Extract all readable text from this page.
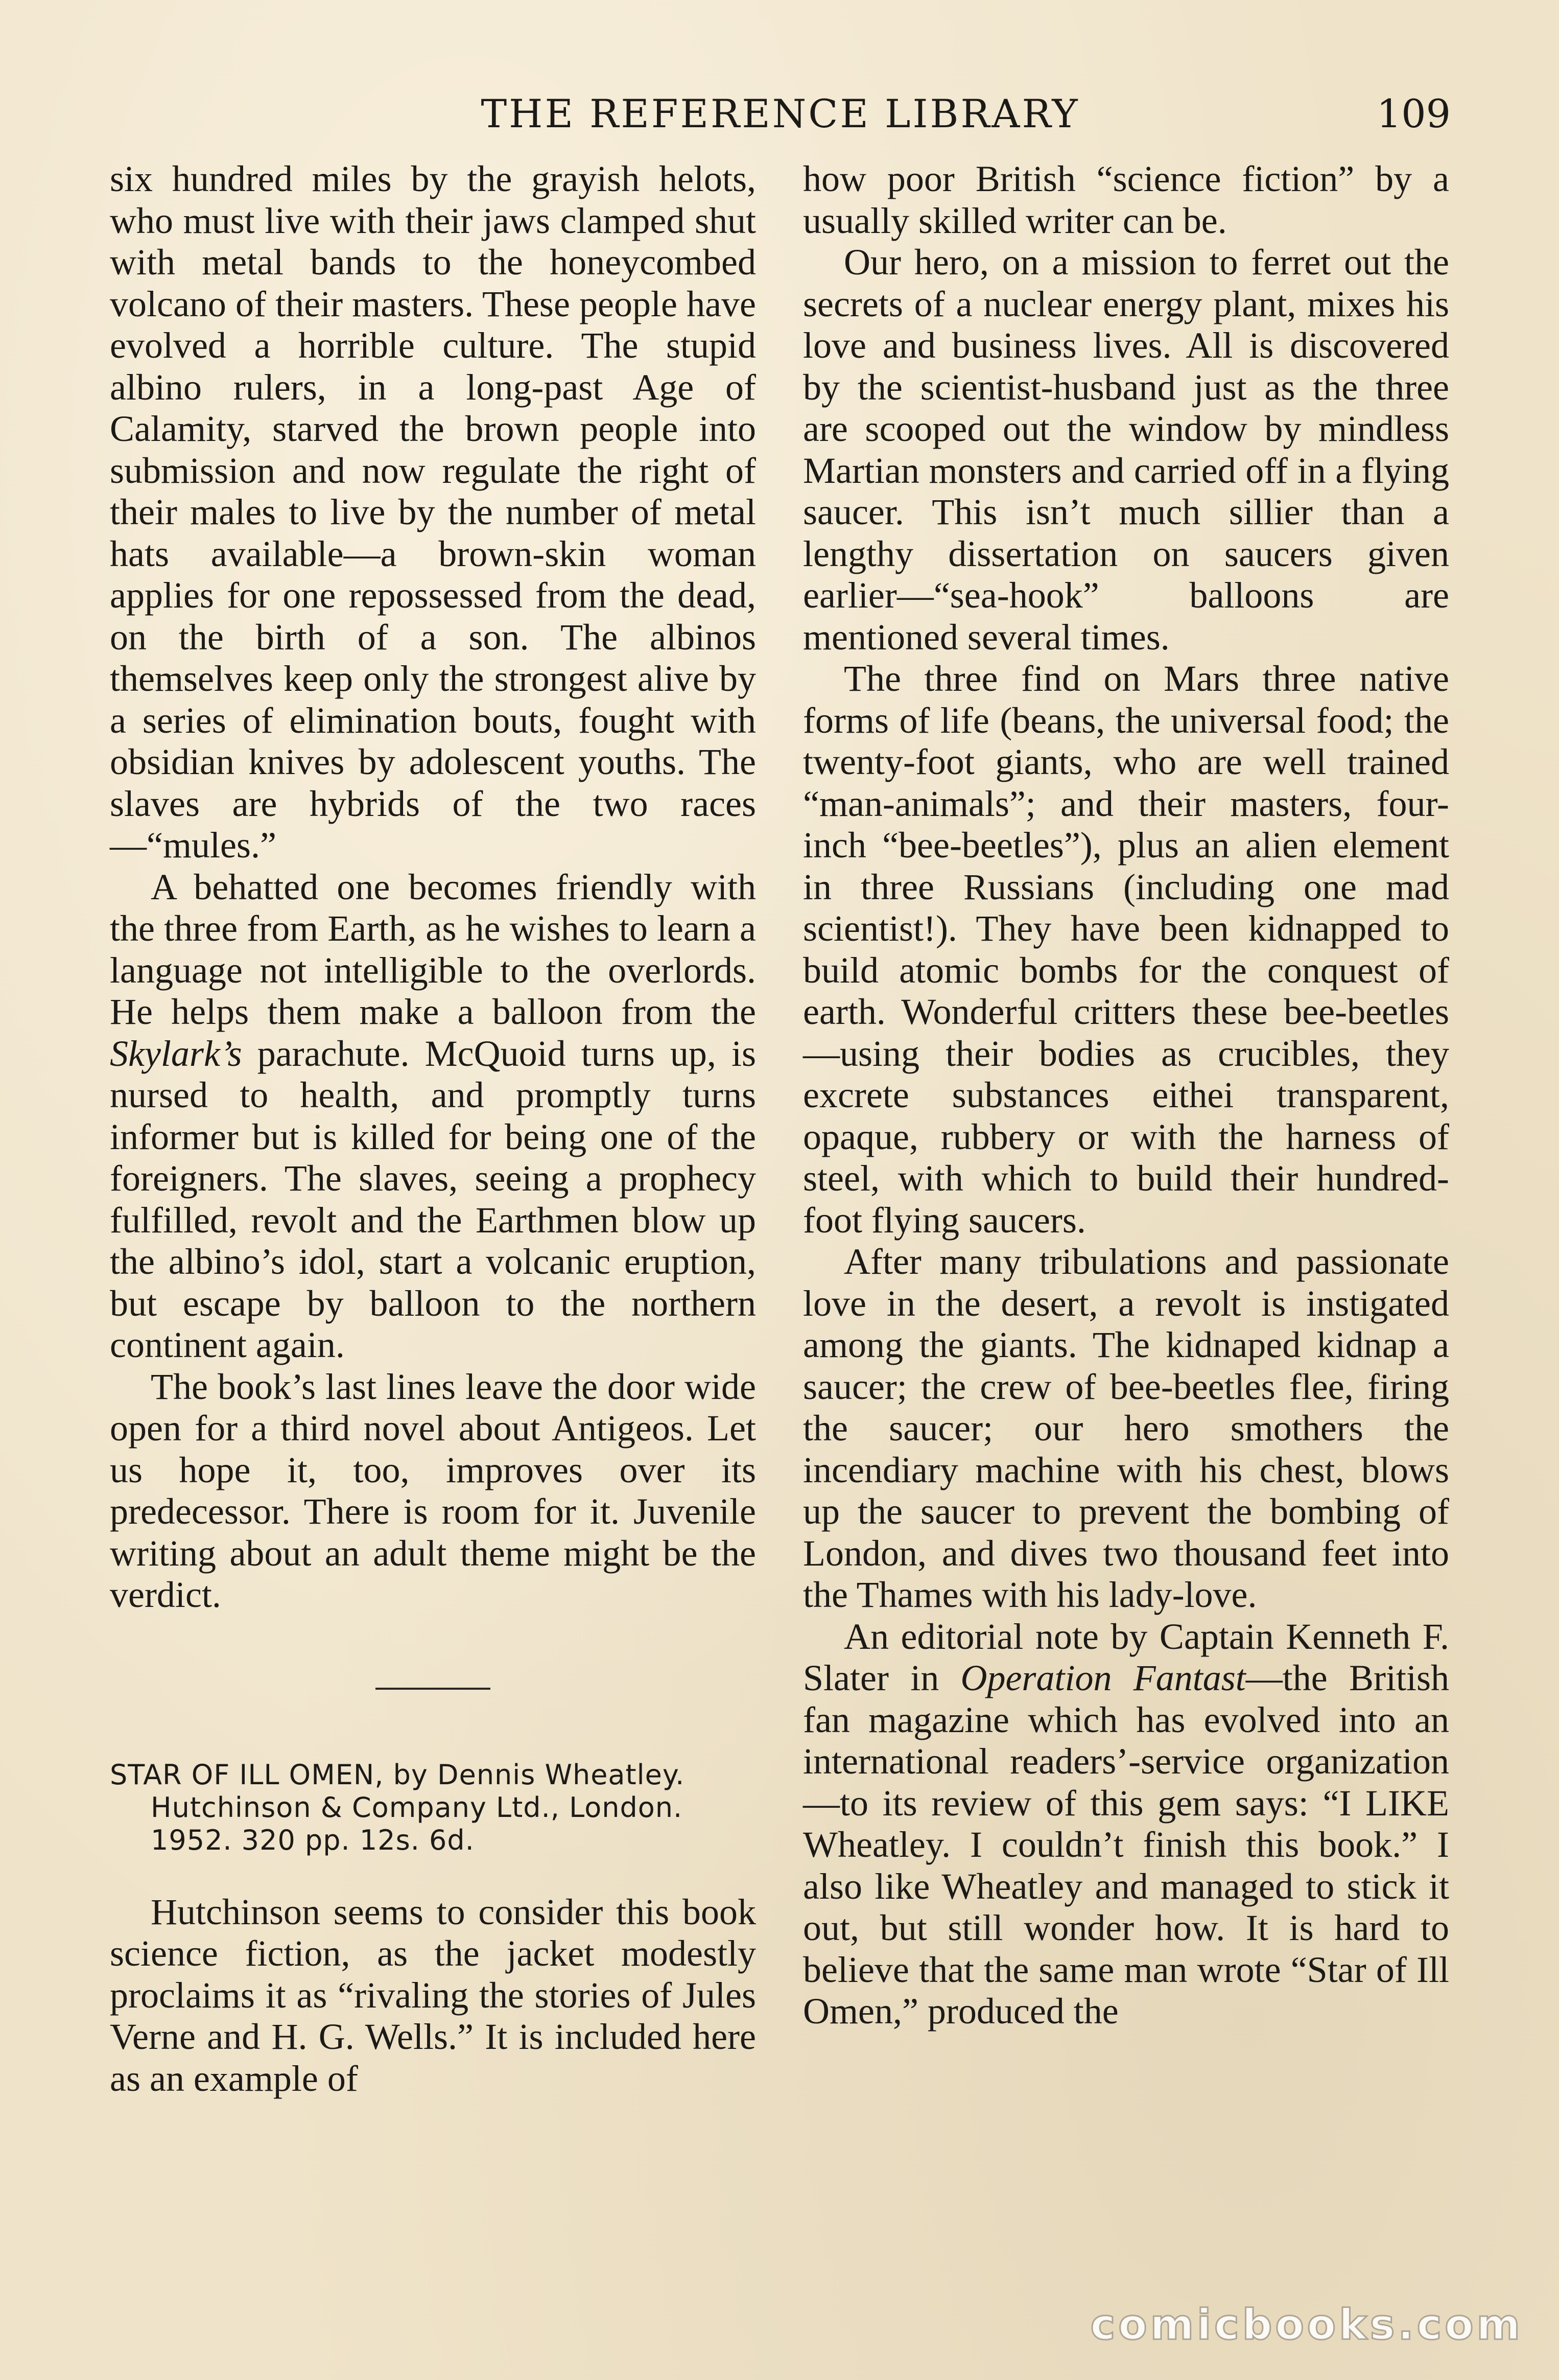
THE REFERENCE LIBRARY	109

six hundred miles by the grayish helots, who must live with their jaws clamped shut with metal bands to the honeycombed volcano of their masters. These people have evolved a horrible culture. The stupid albino rulers, in a long-past Age of Calamity, starved the brown people into submission and now regulate the right of their males to live by the number of metal hats available—a brown-skin woman applies for one repossessed from the dead, on the birth of a son. The albinos themselves keep only the strongest alive by a series of elimination bouts, fought with obsidian knives by adolescent youths. The slaves are hybrids of the two races—“mules.”

A behatted one becomes friendly with the three from Earth, as he wishes to learn a language not intelligible to the overlords. He helps them make a balloon from the Skylark’s parachute. McQuoid turns up, is nursed to health, and promptly turns informer but is killed for being one of the foreigners. The slaves, seeing a prophecy fulfilled, revolt and the Earthmen blow up the albino’s idol, start a volcanic eruption, but escape by balloon to the northern continent again.

The book’s last lines leave the door wide open for a third novel about Antigeos. Let us hope it, too, improves over its predecessor. There is room for it. Juvenile writing about an adult theme might be the verdict.

STAR OF ILL OMEN, by Dennis Wheatley. Hutchinson & Company Ltd., London. 1952. 320 pp. 12s. 6d.

Hutchinson seems to consider this book science fiction, as the jacket modestly proclaims it as “rivaling the stories of Jules Verne and H. G. Wells.” It is included here as an example of

how poor British “science fiction” by a usually skilled writer can be.

Our hero, on a mission to ferret out the secrets of a nuclear energy plant, mixes his love and business lives. All is discovered by the scientist-husband just as the three are scooped out the window by mindless Martian monsters and carried off in a flying saucer. This isn’t much sillier than a lengthy dissertation on saucers given earlier—“sea-hook” balloons are mentioned several times.

The three find on Mars three native forms of life (beans, the universal food; the twenty-foot giants, who are well trained “man-animals”; and their masters, four-inch “bee-beetles”), plus an alien element in three Russians (including one mad scientist!). They have been kidnapped to build atomic bombs for the conquest of earth. Wonderful critters these bee-beetles—using their bodies as crucibles, they excrete substances eithei transparent, opaque, rubbery or with the harness of steel, with which to build their hundred-foot flying saucers.

After many tribulations and passionate love in the desert, a revolt is instigated among the giants. The kidnaped kidnap a saucer; the crew of bee-beetles flee, firing the saucer; our hero smothers the incendiary machine with his chest, blows up the saucer to prevent the bombing of London, and dives two thousand feet into the Thames with his lady-love.

An editorial note by Captain Kenneth F. Slater in Operation Fantast—the British fan magazine which has evolved into an international readers’-service organization—to its review of this gem says: “I LIKE Wheatley. I couldn’t finish this book.” I also like Wheatley and managed to stick it out, but still wonder how. It is hard to believe that the same man wrote “Star of Ill Omen,” produced the

comicbooks.com
